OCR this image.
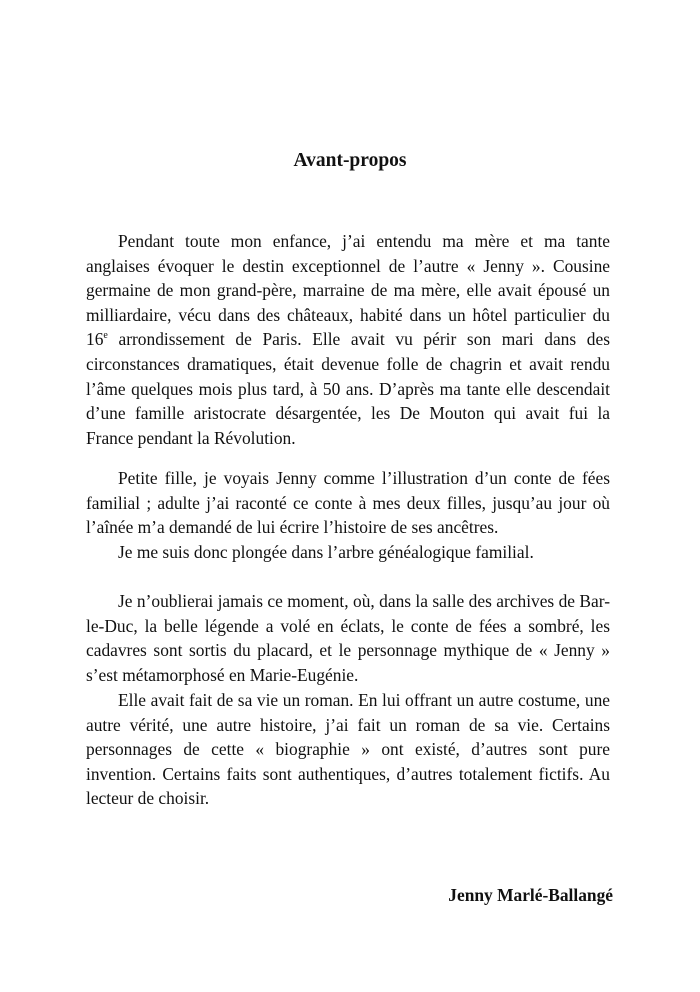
Avant-propos

Pendant toute mon enfance, j’ai entendu ma mère et ma tante anglaises évoquer le destin exceptionnel de l’autre « Jenny ». Cousine germaine de mon grand-père, marraine de ma mère, elle avait épousé un milliardaire, vécu dans des châteaux, habité dans un hôtel particulier du 16e arrondissement de Paris. Elle avait vu périr son mari dans des circonstances dramatiques, était devenue folle de chagrin et avait rendu l’âme quelques mois plus tard, à 50 ans. D’après ma tante elle descendait d’une famille aristocrate désargentée, les De Mouton qui avait fui la France pendant la Révolution.

Petite fille, je voyais Jenny comme l’illustration d’un conte de fées familial ; adulte j’ai raconté ce conte à mes deux filles, jusqu’au jour où l’aînée m’a demandé de lui écrire l’histoire de ses ancêtres.

Je me suis donc plongée dans l’arbre généalogique familial.

Je n’oublierai jamais ce moment, où, dans la salle des archives de Bar-le-Duc, la belle légende a volé en éclats, le conte de fées a sombré, les cadavres sont sortis du placard, et le personnage mythique de « Jenny » s’est métamorphosé en Marie-Eugénie.

Elle avait fait de sa vie un roman. En lui offrant un autre costume, une autre vérité, une autre histoire, j’ai fait un roman de sa vie. Certains personnages de cette « biographie » ont existé, d’autres sont pure invention. Certains faits sont authentiques, d’autres totalement fictifs. Au lecteur de choisir.

Jenny Marlé-Ballangé
